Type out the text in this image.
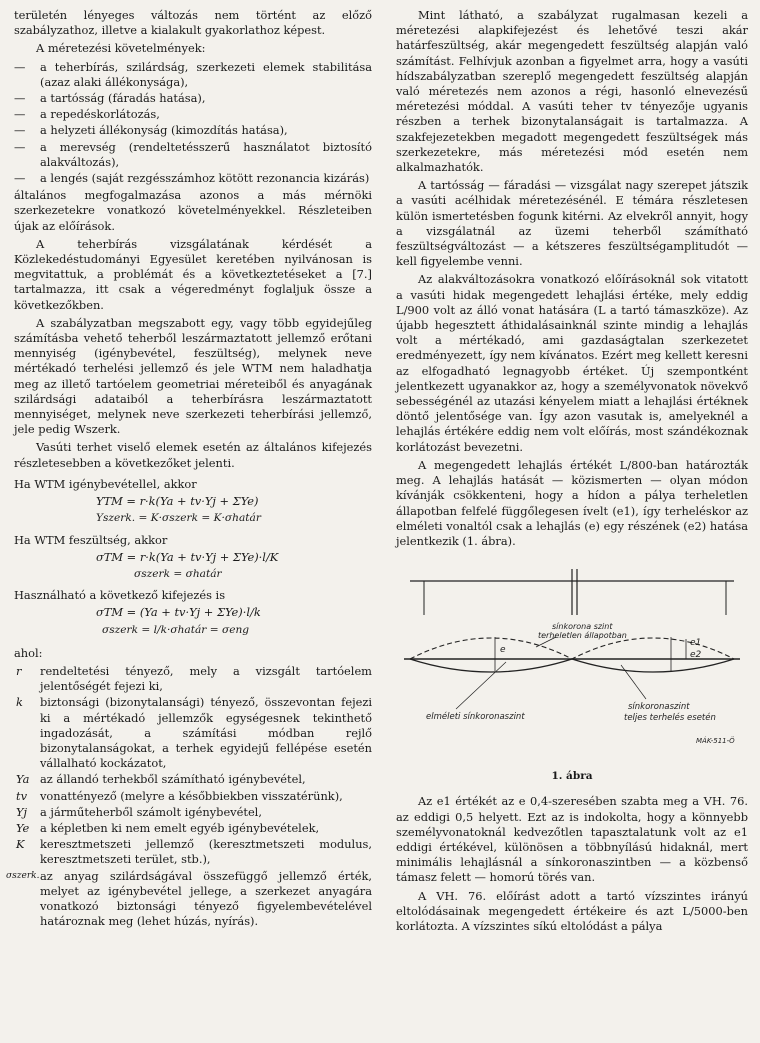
területén lényeges változás nem történt az előző szabályzathoz, illetve a kialakult gyakorlathoz képest.

A méretezési követelmények:

— a teherbírás, szilárdság, szerkezeti elemek stabilitása (azaz alaki állékonysága),
— a tartósság (fáradás hatása),
— a repedéskorlátozás,
— a helyzeti állékonyság (kimozdítás hatása),
— a merevség (rendeltetésszerű használatot biztosító alakváltozás),
— a lengés (saját rezgésszámhoz kötött rezonancia kizárás)

általános megfogalmazása azonos a más mérnöki szerkezetekre vonatkozó követelményekkel. Részleteiben újak az előírások.

A teherbírás vizsgálatának kérdését a Közlekedéstudományi Egyesület keretében nyilvánosan is megvitattuk, a problémát és a következtetéseket a [7.] tartalmazza, itt csak a végeredményt foglaljuk össze a következőkben.

A szabályzatban megszabott egy, vagy több egyidejűleg számításba vehető teherből leszármaztatott jellemző erőtani mennyiség (igénybevétel, feszültség), melynek neve mértékadó terhelési jellemző és jele WTM nem haladhatja meg az illető tartóelem geometriai méreteiből és anyagának szilárdsági adataiból a teherbírásra leszármaztatott mennyiséget, melynek neve szerkezeti teherbírási jellemző, jele pedig Wszerk.

Vasúti terhet viselő elemek esetén az általános kifejezés részletesebben a következőket jelenti.

Ha WTM igénybevétellel, akkor

YTM = r·k(Ya + tv·Yj + ΣYe)
Yszerk. = K·σszerk = K·σhatár

Ha WTM feszültség, akkor

σTM = r·k(Ya + tv·Yj + ΣYe)·l/K
σszerk = σhatár

Használható a következő kifejezés is

σTM = (Ya + tv·Yj + ΣYe)·l/k
σszerk = l/k·σhatár = σeng

ahol:

r rendeltetési tényező, mely a vizsgált tartóelem jelentőségét fejezi ki,
k biztonsági (bizonytalansági) tényező, összevontan fejezi ki a mértékadó jellemzők egységesnek tekinthető ingadozását, a számítási módban rejlő bizonytalanságokat, a terhek egyidejű fellépése esetén vállalható kockázatot,
Ya az állandó terhekből számítható igénybevétel,
tv vonattényező (melyre a későbbiekben visszatérünk),
Yj a járműteherből számolt igénybevétel,
Ye a képletben ki nem emelt egyéb igénybevételek,
K keresztmetszeti jellemző (keresztmetszeti modulus, keresztmetszeti terület, stb.),
σszerk. az anyag szilárdságával összefüggő jellemző érték, melyet az igénybevétel jellege, a szerkezet anyagára vonatkozó biztonsági tényező figyelembevételével határoznak meg (lehet húzás, nyírás).

Mint látható, a szabályzat rugalmasan kezeli a méretezési alapkifejezést és lehetővé teszi akár határfeszültség, akár megengedett feszültség alapján való számítást. Felhívjuk azonban a figyelmet arra, hogy a vasúti hídszabályzatban szereplő megengedett feszültség alapján való méretezés nem azonos a régi, hasonló elnevezésű méretezési móddal. A vasúti teher tv tényezője ugyanis részben a terhek bizonytalanságait is tartalmazza. A szakfejezetekben megadott megengedett feszültségek más szerkezetekre, más méretezési mód esetén nem alkalmazhatók.

A tartósság — fáradási — vizsgálat nagy szerepet játszik a vasúti acélhidak méretezésénél. E témára részletesen külön ismertetésben fogunk kitérni. Az elvekről annyit, hogy a vizsgálatnál az üzemi teherből számítható feszültségváltozást — a kétszeres feszültségamplitudót — kell figyelembe venni.

Az alakváltozásokra vonatkozó előírásoknál sok vitatott a vasúti hidak megengedett lehajlási értéke, mely eddig L/900 volt az álló vonat hatására (L a tartó támaszköze). Az újabb hegesztett áthidalásainknál szinte mindig a lehajlás volt a mértékadó, ami gazdaságtalan szerkezetet eredményezett, így nem kívánatos. Ezért meg kellett keresni az elfogadható legnagyobb értéket. Új szempontként jelentkezett ugyanakkor az, hogy a személyvonatok növekvő sebességénél az utazási kényelem miatt a lehajlási értéknek döntő jelentősége van. Így azon vasutak is, amelyeknél a lehajlás értékére eddig nem volt előírás, most szándékoznak korlátozást bevezetni.

A megengedett lehajlás értékét L/800-ban határozták meg. A lehajlás hatását — közismerten — olyan módon kívánják csökkenteni, hogy a hídon a pálya terheletlen állapotban felfelé függőlegesen ívelt (e1), így terheléskor az elméleti vonaltól csak a lehajlás (e) egy részének (e2) hatása jelentkezik (1. ábra).

sínkorona szint
terheletlen állapotban
e
e1
e2
elméleti sínkoronaszint
sínkoronaszint
teljes terhelés esetén
MÁK-511-Ö
1. ábra

Az e1 értékét az e 0,4-szeresében szabta meg a VH. 76. az eddigi 0,5 helyett. Ezt az is indokolta, hogy a könnyebb személyvonatoknál kedvezőtlen tapasztalatunk volt az e1 eddigi értékével, különösen a többnyílású hidaknál, mert minimális lehajlásnál a sínkoronaszintben — a közbenső támasz felett — homorú törés van.

A VH. 76. előírást adott a tartó vízszintes irányú eltolódásainak megengedett értékeire és azt L/5000-ben korlátozta. A vízszintes síkú eltolódást a pálya
